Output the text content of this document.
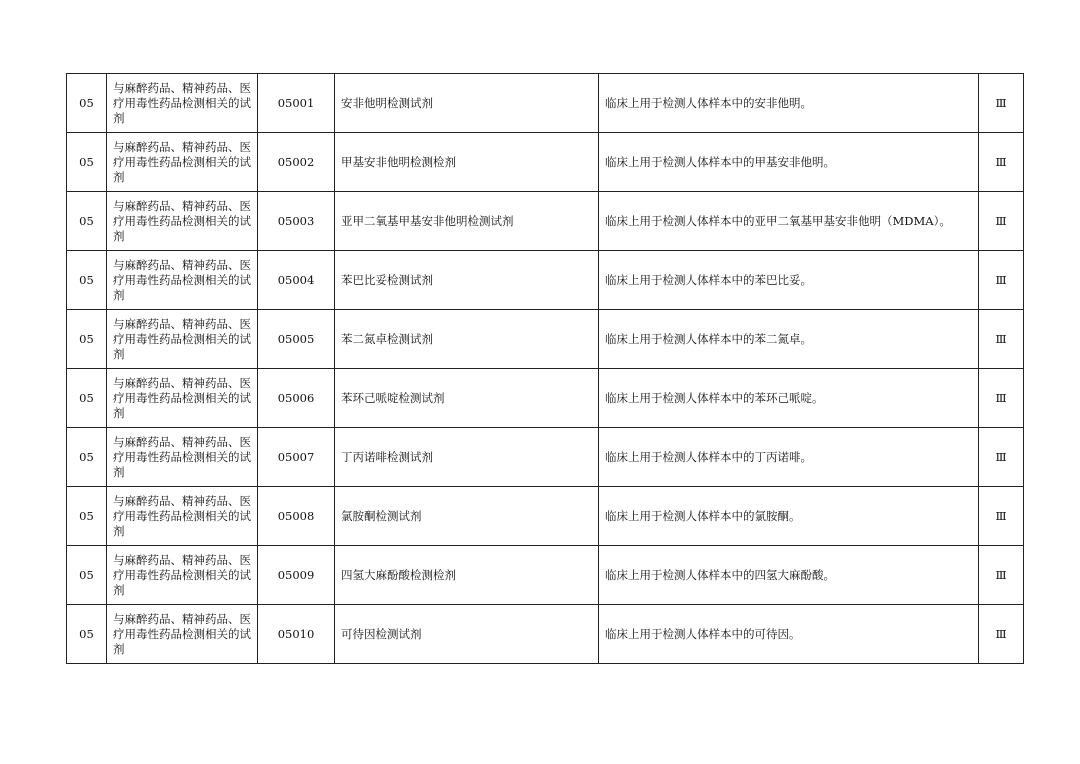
05	与麻醉药品、精神药品、医疗用毒性药品检测相关的试剂	05001	安非他明检测试剂	临床上用于检测人体样本中的安非他明。	Ⅲ
05	与麻醉药品、精神药品、医疗用毒性药品检测相关的试剂	05002	甲基安非他明检测检剂	临床上用于检测人体样本中的甲基安非他明。	Ⅲ
05	与麻醉药品、精神药品、医疗用毒性药品检测相关的试剂	05003	亚甲二氧基甲基安非他明检测试剂	临床上用于检测人体样本中的亚甲二氧基甲基安非他明（MDMA）。	Ⅲ
05	与麻醉药品、精神药品、医疗用毒性药品检测相关的试剂	05004	苯巴比妥检测试剂	临床上用于检测人体样本中的苯巴比妥。	Ⅲ
05	与麻醉药品、精神药品、医疗用毒性药品检测相关的试剂	05005	苯二氮卓检测试剂	临床上用于检测人体样本中的苯二氮卓。	Ⅲ
05	与麻醉药品、精神药品、医疗用毒性药品检测相关的试剂	05006	苯环己哌啶检测试剂	临床上用于检测人体样本中的苯环己哌啶。	Ⅲ
05	与麻醉药品、精神药品、医疗用毒性药品检测相关的试剂	05007	丁丙诺啡检测试剂	临床上用于检测人体样本中的丁丙诺啡。	Ⅲ
05	与麻醉药品、精神药品、医疗用毒性药品检测相关的试剂	05008	氯胺酮检测试剂	临床上用于检测人体样本中的氯胺酮。	Ⅲ
05	与麻醉药品、精神药品、医疗用毒性药品检测相关的试剂	05009	四氢大麻酚酸检测检剂	临床上用于检测人体样本中的四氢大麻酚酸。	Ⅲ
05	与麻醉药品、精神药品、医疗用毒性药品检测相关的试剂	05010	可待因检测试剂	临床上用于检测人体样本中的可待因。	Ⅲ
